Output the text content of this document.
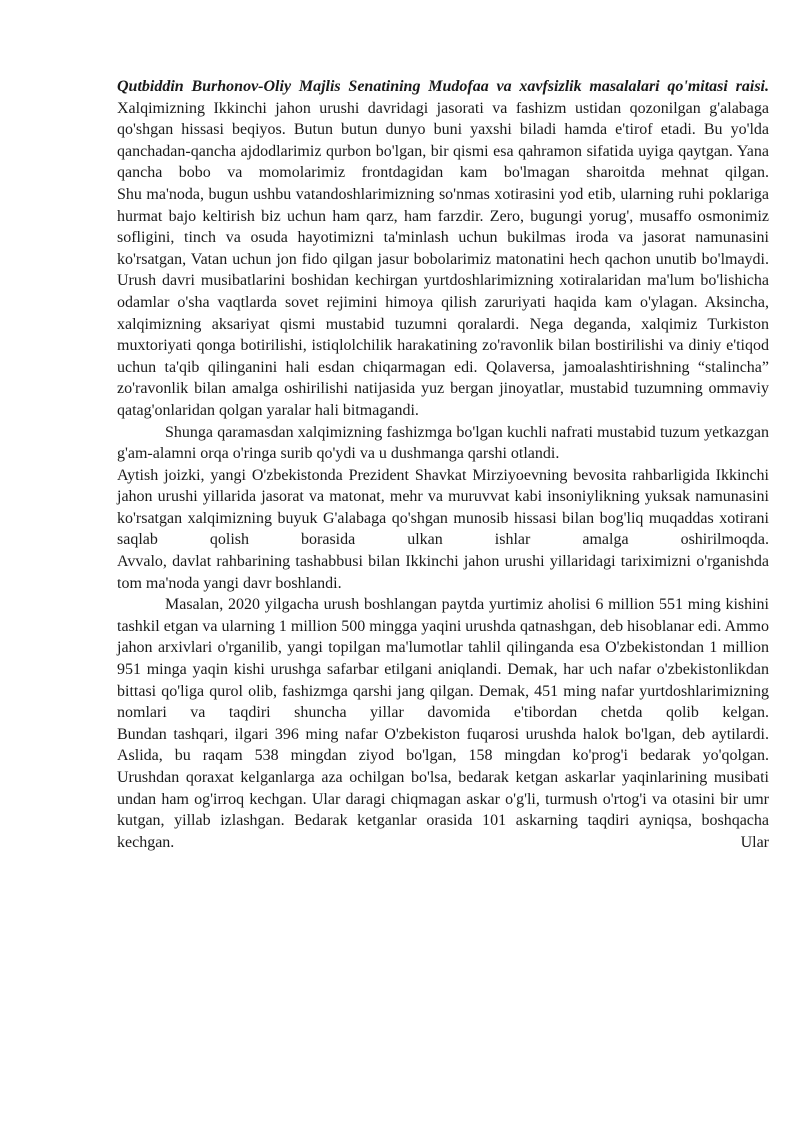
Qutbiddin Burhonov-Oliy Majlis Senatining Mudofaa va xavfsizlik masalalari qo'mitasi raisi.

Xalqimizning Ikkinchi jahon urushi davridagi jasorati va fashizm ustidan qozonilgan g'alabaga qo'shgan hissasi beqiyos. Butun butun dunyo buni yaxshi biladi hamda e'tirof etadi. Bu yo'lda qanchadan-qancha ajdodlarimiz qurbon bo'lgan, bir qismi esa qahramon sifatida uyiga qaytgan. Yana qancha bobo va momolarimiz frontdagidan kam bo'lmagan sharoitda mehnat qilgan.

Shu ma'noda, bugun ushbu vatandoshlarimizning so'nmas xotirasini yod etib, ularning ruhi poklariga hurmat bajo keltirish biz uchun ham qarz, ham farzdir. Zero, bugungi yorug', musaffo osmonimiz sofligini, tinch va osuda hayotimizni ta'minlash uchun bukilmas iroda va jasorat namunasini ko'rsatgan, Vatan uchun jon fido qilgan jasur bobolarimiz matonatini hech qachon unutib bo'lmaydi.

Urush davri musibatlarini boshidan kechirgan yurtdoshlarimizning xotiralaridan ma'lum bo'lishicha odamlar o'sha vaqtlarda sovet rejimini himoya qilish zaruriyati haqida kam o'ylagan. Aksincha, xalqimizning aksariyat qismi mustabid tuzumni qoralardi. Nega deganda, xalqimiz Turkiston muxtoriyati qonga botirilishi, istiqlolchilik harakatining zo'ravonlik bilan bostirilishi va diniy e'tiqod uchun ta'qib qilinganini hali esdan chiqarmagan edi. Qolaversa, jamoalashtirishning “stalincha” zo'ravonlik bilan amalga oshirilishi natijasida yuz bergan jinoyatlar, mustabid tuzumning ommaviy qatag'onlaridan qolgan yaralar hali bitmagandi.

Shunga qaramasdan xalqimizning fashizmga bo'lgan kuchli nafrati mustabid tuzum yetkazgan g'am-alamni orqa o'ringa surib qo'ydi va u dushmanga qarshi otlandi.

Aytish joizki, yangi O'zbekistonda Prezident Shavkat Mirziyoevning bevosita rahbarligida Ikkinchi jahon urushi yillarida jasorat va matonat, mehr va muruvvat kabi insoniylikning yuksak namunasini ko'rsatgan xalqimizning buyuk G'alabaga qo'shgan munosib hissasi bilan bog'liq muqaddas xotirani saqlab qolish borasida ulkan ishlar amalga oshirilmoqda.

Avvalo, davlat rahbarining tashabbusi bilan Ikkinchi jahon urushi yillaridagi tariximizni o'rganishda tom ma'noda yangi davr boshlandi.

Masalan, 2020 yilgacha urush boshlangan paytda yurtimiz aholisi 6 million 551 ming kishini tashkil etgan va ularning 1 million 500 mingga yaqini urushda qatnashgan, deb hisoblanar edi. Ammo jahon arxivlari o'rganilib, yangi topilgan ma'lumotlar tahlil qilinganda esa O'zbekistondan 1 million 951 minga yaqin kishi urushga safarbar etilgani aniqlandi. Demak, har uch nafar o'zbekistonlikdan bittasi qo'liga qurol olib, fashizmga qarshi jang qilgan. Demak, 451 ming nafar yurtdoshlarimizning nomlari va taqdiri shuncha yillar davomida e'tibordan chetda qolib kelgan.

Bundan tashqari, ilgari 396 ming nafar O'zbekiston fuqarosi urushda halok bo'lgan, deb aytilardi. Aslida, bu raqam 538 mingdan ziyod bo'lgan, 158 mingdan ko'prog'i bedarak yo'qolgan.

Urushdan qoraxat kelganlarga aza ochilgan bo'lsa, bedarak ketgan askarlar yaqinlarining musibati undan ham og'irroq kechgan. Ular daragi chiqmagan askar o'g'li, turmush o'rtog'i va otasini bir umr kutgan, yillab izlashgan. Bedarak ketganlar orasida 101 askarning taqdiri ayniqsa, boshqacha kechgan. Ular
